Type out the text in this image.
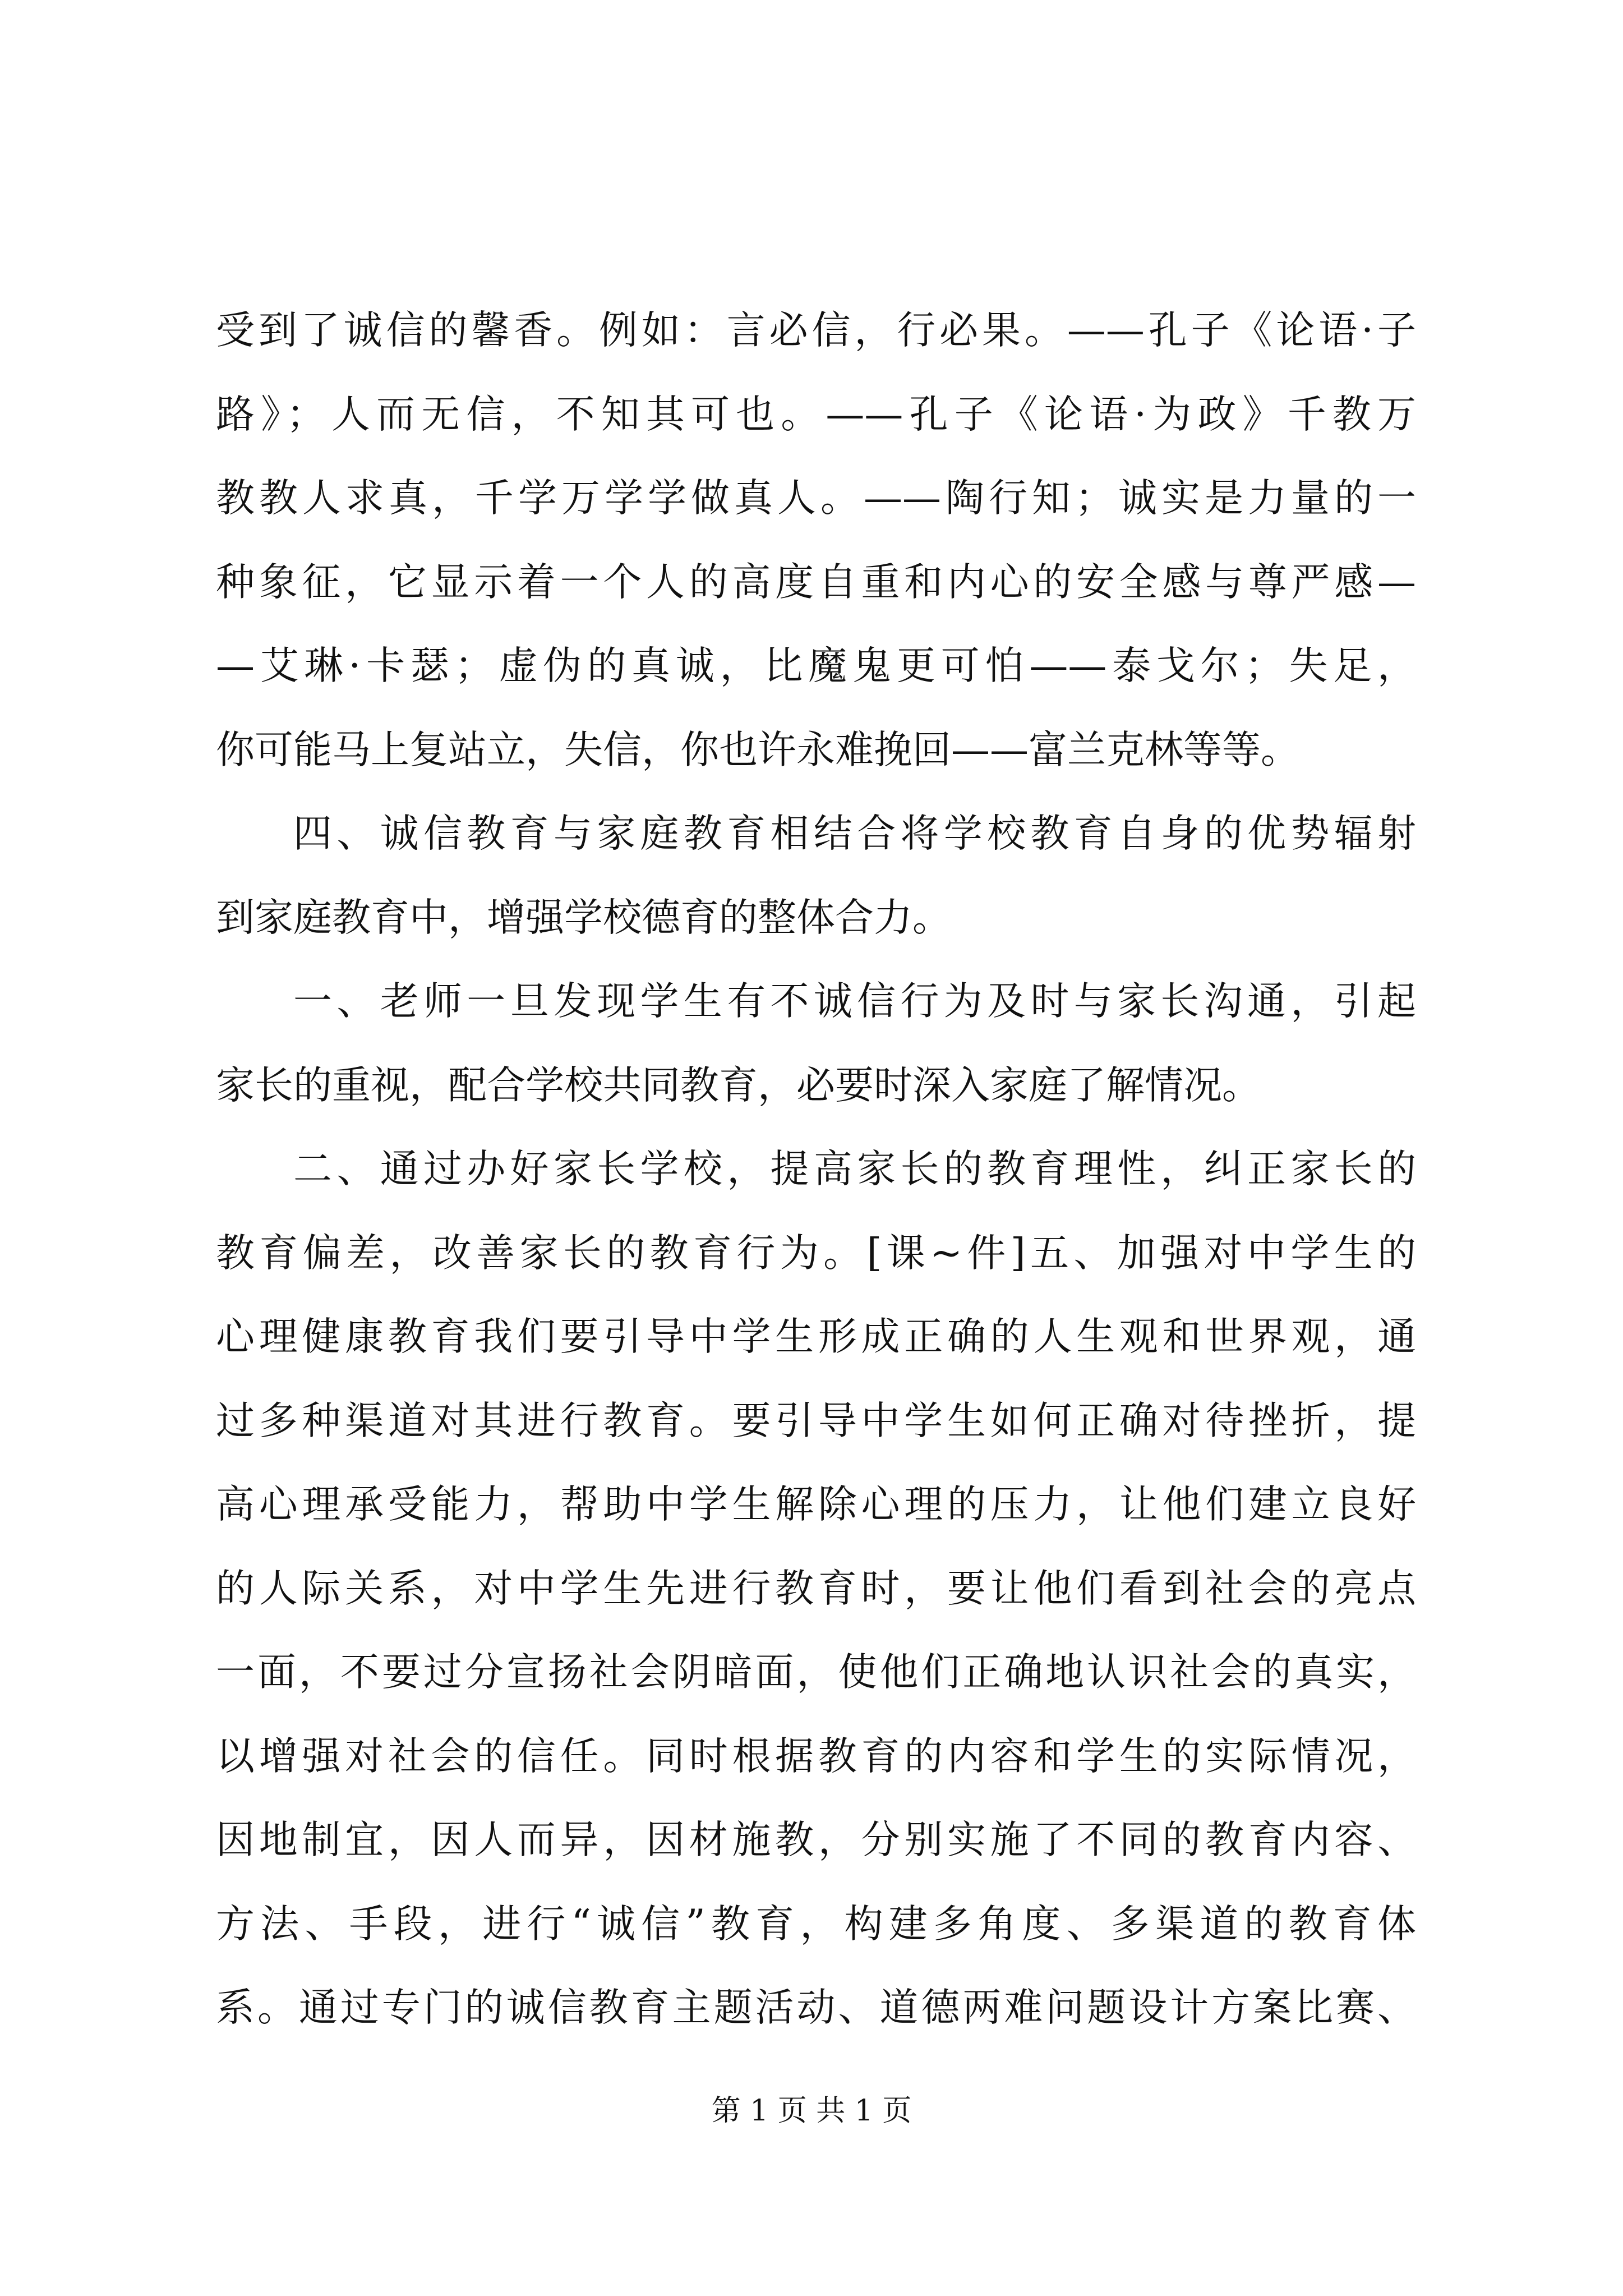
受到了诚信的馨香。例如：言必信，行必果。——孔子《论语·子
路》；人而无信，不知其可也。——孔子《论语·为政》千教万
教教人求真，千学万学学做真人。——陶行知；诚实是力量的一
种象征，它显示着一个人的高度自重和内心的安全感与尊严感—
—艾琳·卡瑟；虚伪的真诚，比魔鬼更可怕——泰戈尔；失足，
你可能马上复站立，失信，你也许永难挽回——富兰克林等等。
四、诚信教育与家庭教育相结合将学校教育自身的优势辐射
到家庭教育中，增强学校德育的整体合力。
一、老师一旦发现学生有不诚信行为及时与家长沟通，引起
家长的重视，配合学校共同教育，必要时深入家庭了解情况。
二、通过办好家长学校，提高家长的教育理性，纠正家长的
教育偏差，改善家长的教育行为。[课~件]五、加强对中学生的
心理健康教育我们要引导中学生形成正确的人生观和世界观，通
过多种渠道对其进行教育。要引导中学生如何正确对待挫折，提
高心理承受能力，帮助中学生解除心理的压力，让他们建立良好
的人际关系，对中学生先进行教育时，要让他们看到社会的亮点
一面，不要过分宣扬社会阴暗面，使他们正确地认识社会的真实，
以增强对社会的信任。同时根据教育的内容和学生的实际情况，
因地制宜，因人而异，因材施教，分别实施了不同的教育内容、
方法、手段，进行“诚信”教育，构建多角度、多渠道的教育体
系。通过专门的诚信教育主题活动、道德两难问题设计方案比赛、
第 1 页 共 1 页
